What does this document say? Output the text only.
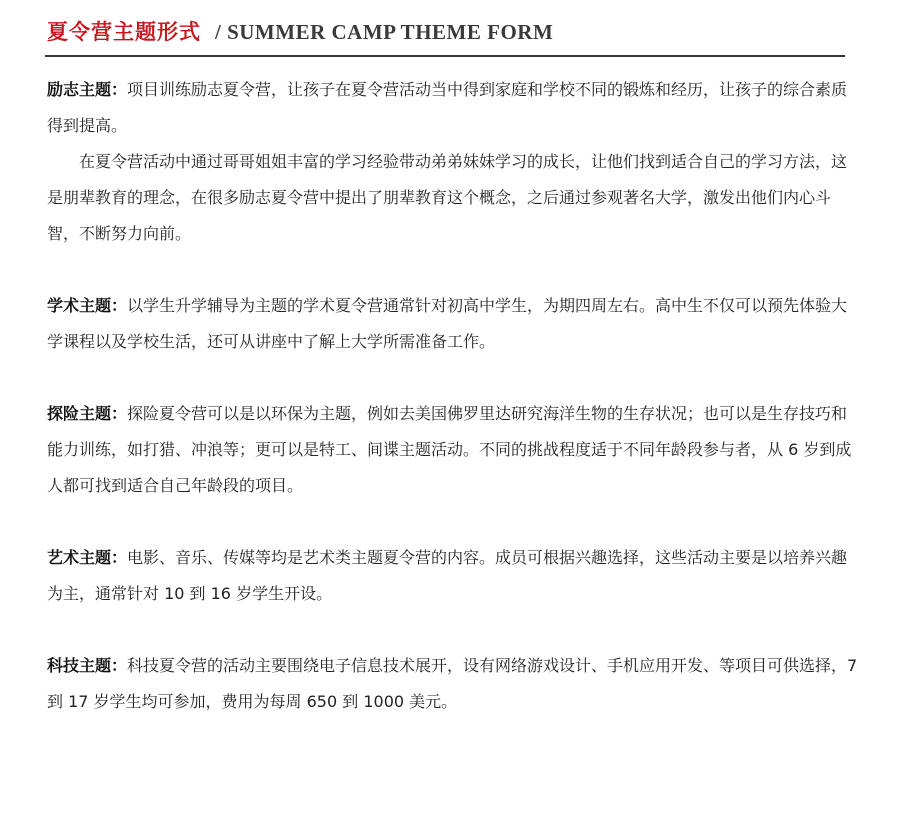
夏令营主题形式 / SUMMER CAMP THEME FORM

励志主题：项目训练励志夏令营，让孩子在夏令营活动当中得到家庭和学校不同的锻炼和经历，让孩子的综合素质得到提高。
在夏令营活动中通过哥哥姐姐丰富的学习经验带动弟弟妹妹学习的成长，让他们找到适合自己的学习方法，这是朋辈教育的理念，在很多励志夏令营中提出了朋辈教育这个概念，之后通过参观著名大学，激发出他们内心斗智，不断努力向前。

学术主题：以学生升学辅导为主题的学术夏令营通常针对初高中学生，为期四周左右。高中生不仅可以预先体验大学课程以及学校生活，还可从讲座中了解上大学所需准备工作。

探险主题：探险夏令营可以是以环保为主题，例如去美国佛罗里达研究海洋生物的生存状况；也可以是生存技巧和能力训练，如打猎、冲浪等；更可以是特工、间谍主题活动。不同的挑战程度适于不同年龄段参与者，从 6 岁到成人都可找到适合自己年龄段的项目。

艺术主题：电影、音乐、传媒等均是艺术类主题夏令营的内容。成员可根据兴趣选择，这些活动主要是以培养兴趣为主，通常针对 10 到 16 岁学生开设。

科技主题：科技夏令营的活动主要围绕电子信息技术展开，设有网络游戏设计、手机应用开发、等项目可供选择，7 到 17 岁学生均可参加，费用为每周 650 到 1000 美元。
